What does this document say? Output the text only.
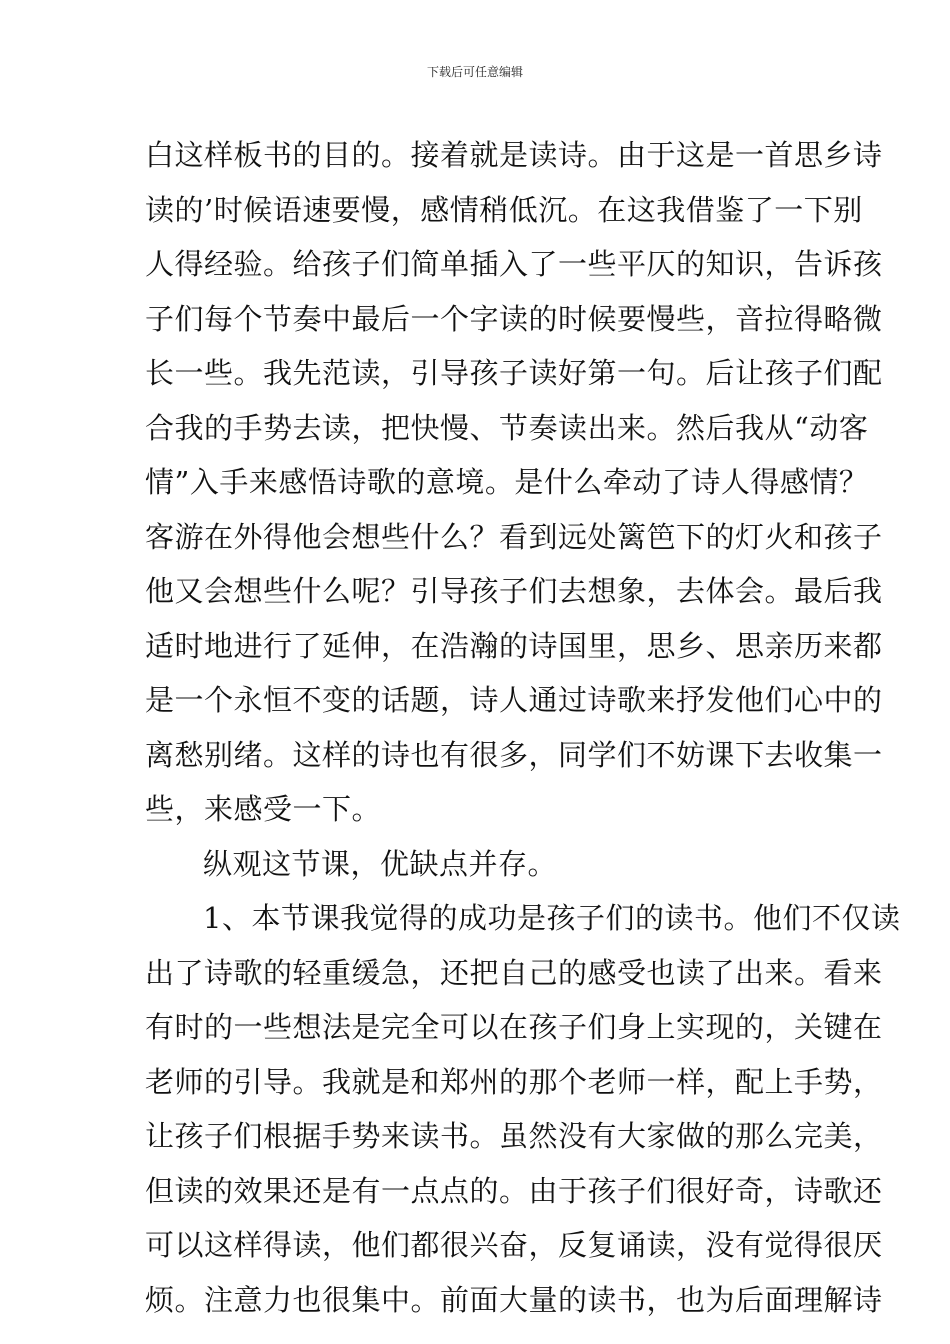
下载后可任意编辑
白这样板书的目的。接着就是读诗。由于这是一首思乡诗
读的’时候语速要慢，感情稍低沉。在这我借鉴了一下别
人得经验。给孩子们简单插入了一些平仄的知识，告诉孩
子们每个节奏中最后一个字读的时候要慢些，音拉得略微
长一些。我先范读，引导孩子读好第一句。后让孩子们配
合我的手势去读，把快慢、节奏读出来。然后我从“动客
情”入手来感悟诗歌的意境。是什么牵动了诗人得感情？
客游在外得他会想些什么？看到远处篱笆下的灯火和孩子
他又会想些什么呢？引导孩子们去想象，去体会。最后我
适时地进行了延伸，在浩瀚的诗国里，思乡、思亲历来都
是一个永恒不变的话题，诗人通过诗歌来抒发他们心中的
离愁别绪。这样的诗也有很多，同学们不妨课下去收集一
些，来感受一下。
纵观这节课，优缺点并存。
1、本节课我觉得的成功是孩子们的读书。他们不仅读
出了诗歌的轻重缓急，还把自己的感受也读了出来。看来
有时的一些想法是完全可以在孩子们身上实现的，关键在
老师的引导。我就是和郑州的那个老师一样，配上手势，
让孩子们根据手势来读书。虽然没有大家做的那么完美，
但读的效果还是有一点点的。由于孩子们很好奇，诗歌还
可以这样得读，他们都很兴奋，反复诵读，没有觉得很厌
烦。注意力也很集中。前面大量的读书，也为后面理解诗
